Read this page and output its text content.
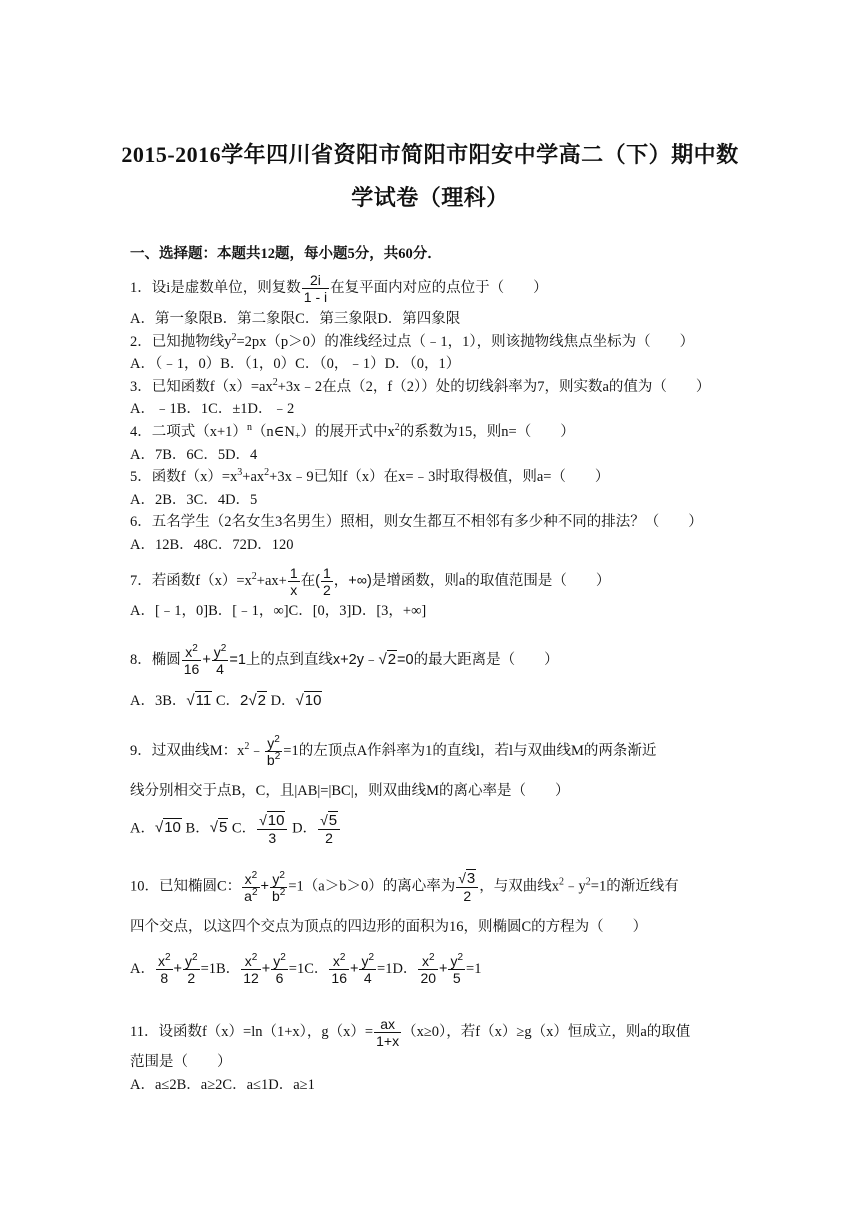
2015-2016学年四川省资阳市简阳市阳安中学高二（下）期中数
学试卷（理科）
一、选择题：本题共12题，每小题5分，共60分．
1．设i是虚数单位，则复数 $\frac{2i}{1 - i}$ 在复平面内对应的点位于（　　）
A．第一象限B．第二象限C．第三象限D．第四象限
2．已知抛物线$y^2=2px(p>0)$的准线经过点（﹣1，1），则该抛物线焦点坐标为（　　）
A．（﹣1，0）B．（1，0）C．（0，﹣1）D．（0，1）
3．已知函数$f(x)=ax^2+3x﹣2$在点（2，f（2））处的切线斜率为7，则实数a的值为（　　）
A．﹣1B．1C．±1D．﹣2
4．二项式$(x+1)^n(n\in N_+)$的展开式中$x^2$的系数为15，则n=（　　）
A．7B．6C．5D．4
5．函数$f(x)=x^3+ax^2+3x﹣9$已知f（x）在x=﹣3时取得极值，则a=（　　）
A．2B．3C．4D．5
6．五名学生（2名女生3名男生）照相，则女生都互不相邻有多少种不同的排法？（　　）
A．12B．48C．72D．120
7．若函数$f(x)=x^2+ax+ \frac{1}{x}$ 在( $\frac{1}{2}$ ，+∞)是增函数，则a的取值范围是（　　）
A．[﹣1，0]B．[﹣1，∞]C．[0，3]D．[3，+∞]
8．椭圆 $\frac{x^2}{16} + \frac{y^2}{4} =1$上的点到直线x+2y﹣√2=0的最大距离是（　　）
A．3B．√11 C．2√2 D．√10
9．过双曲线M：$x^2﹣ \frac{y^2}{b^2} =1$的左顶点A作斜率为1的直线l，若l与双曲线M的两条渐近
线分别相交于点B，C，且|AB|=|BC|，则双曲线M的离心率是（　　）
A．√10 B．√5 C． $\frac{√10}{3}$ D． $\frac{√5}{2}$
10．已知椭圆C： $\frac{x^2}{a^2} + \frac{y^2}{b^2} =1(a>b>0)$的离心率为 $\frac{√3}{2}$ ，与双曲线$x^2﹣y^2=1$的渐近线有
四个交点，以这四个交点为顶点的四边形的面积为16，则椭圆C的方程为（　　）
A． $\frac{x^2}{8} + \frac{y^2}{2} =1B$． $\frac{x^2}{12} + \frac{y^2}{6} =1C$． $\frac{x^2}{16} + \frac{y^2}{4} =1D$． $\frac{x^2}{20} + \frac{y^2}{5} =1$
11．设函数f（x）=ln（1+x），$g(x)= \frac{ax}{1+x} (x\ge 0)$，若f（x）≥g（x）恒成立，则a的取值
范围是（　　）
A．a≤2B．a≥2C．a≤1D．a≥1
